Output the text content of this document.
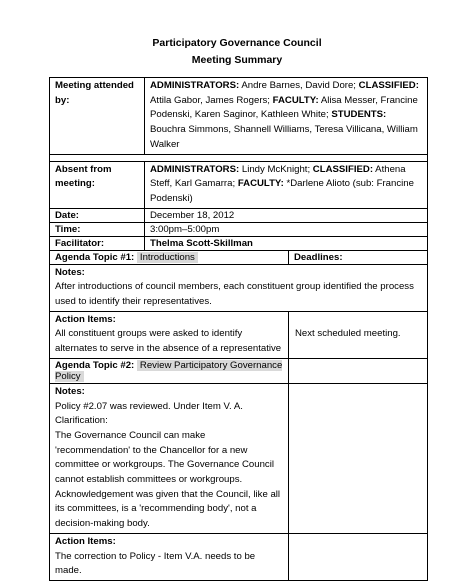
Participatory Governance Council
Meeting Summary
Meeting attended by:	ADMINISTRATORS: Andre Barnes, David Dore; CLASSIFIED: Attila Gabor, James Rogers; FACULTY: Alisa Messer, Francine Podenski, Karen Saginor, Kathleen White; STUDENTS: Bouchra Simmons, Shannell Williams, Teresa Villicana, William Walker	

Absent from meeting:	ADMINISTRATORS: Lindy McKnight; CLASSIFIED: Athena Steff, Karl Gamarra; FACULTY: *Darlene Alioto (sub: Francine Podenski)	
Date:	December 18, 2012	
Time:	3:00pm–5:00pm	
Facilitator:	Thelma Scott-Skillman	
Agenda Topic #1: Introductions		Deadlines:

Notes:
After introductions of council members, each constituent group identified the process used to identify their representatives.		

Action Items:
All constituent groups were asked to identify alternates to serve in the absence of a representative		Next scheduled meeting.
Agenda Topic #2: Review Participatory Governance Policy		

Notes:
Policy #2.07 was reviewed. Under Item V. A. Clarification:
The Governance Council can make 'recommendation' to the Chancellor for a new committee or workgroups. The Governance Council cannot establish committees or workgroups.
Acknowledgement was given that the Council, like all its committees, is a 'recommending body', not a decision-making body.		

Action Items:
The correction to Policy - Item V.A. needs to be made.		
